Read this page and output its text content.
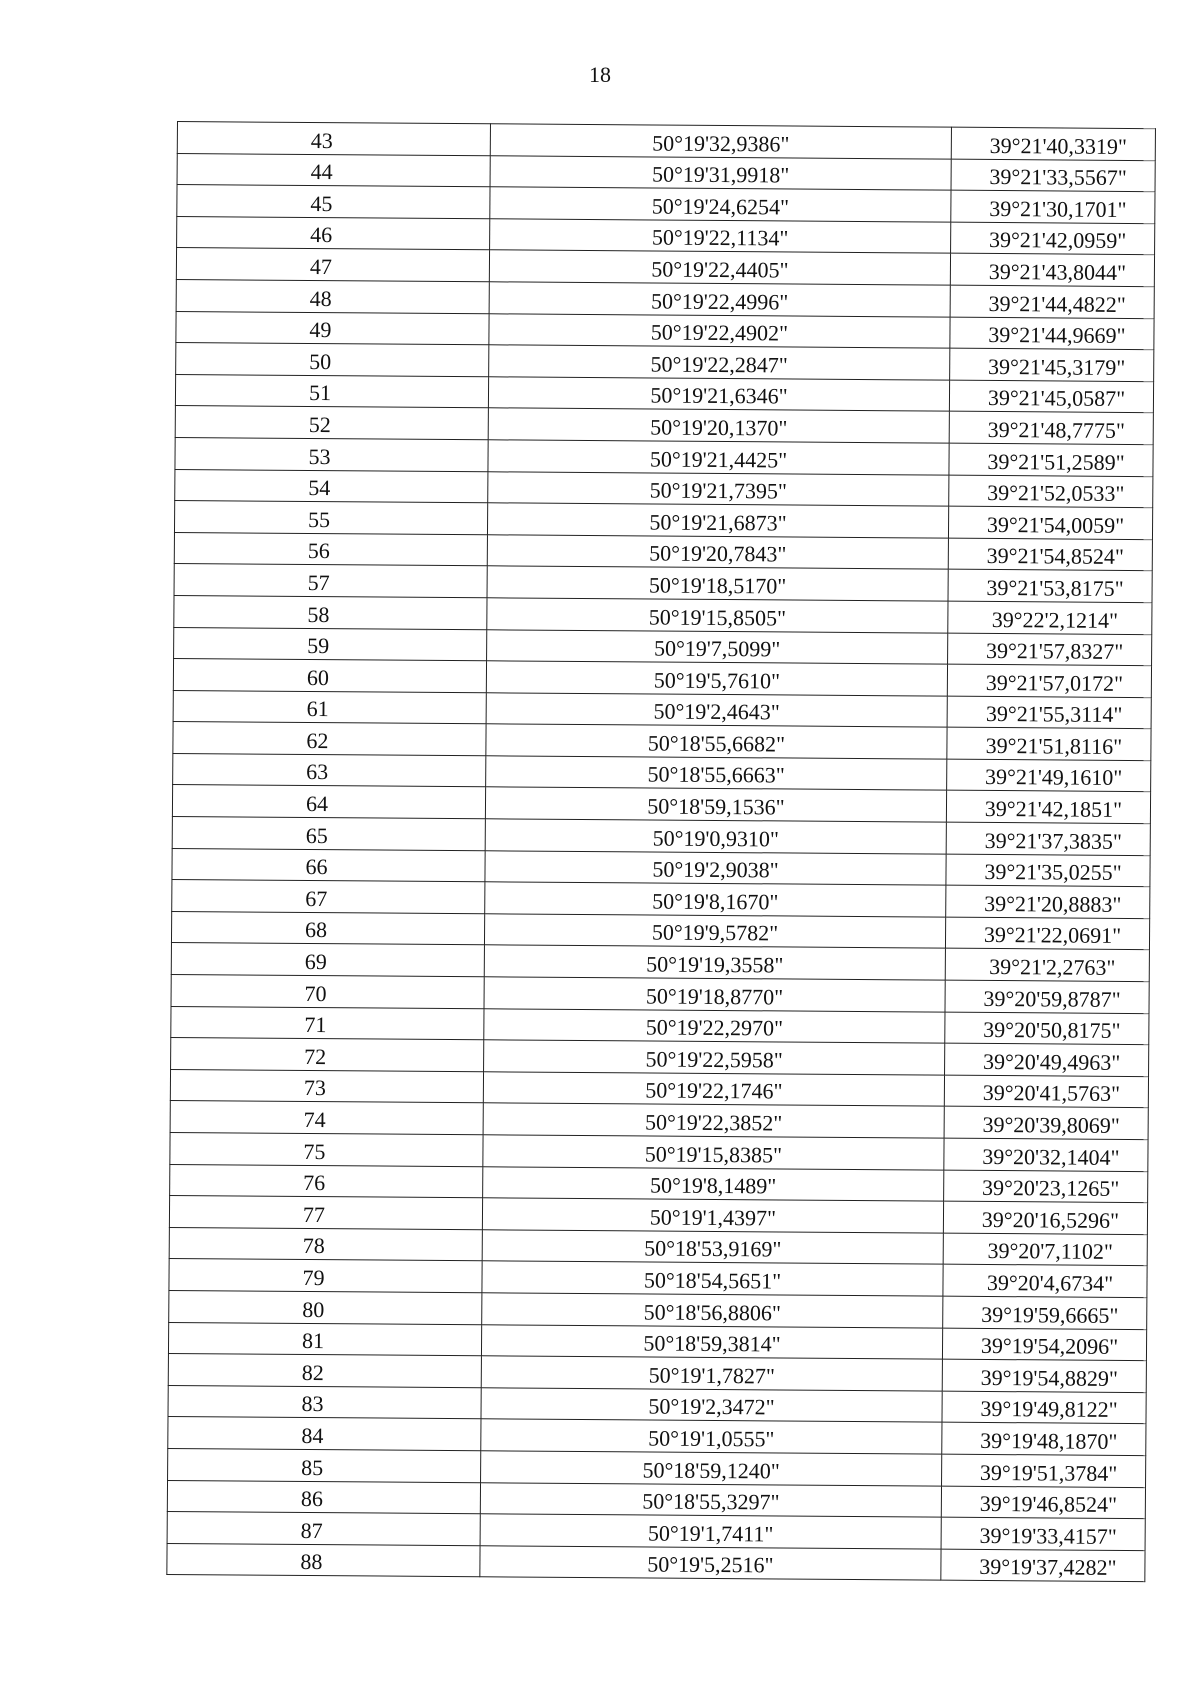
18
43	50°19'32,9386"	39°21'40,3319"
44	50°19'31,9918"	39°21'33,5567"
45	50°19'24,6254"	39°21'30,1701"
46	50°19'22,1134"	39°21'42,0959"
47	50°19'22,4405"	39°21'43,8044"
48	50°19'22,4996"	39°21'44,4822"
49	50°19'22,4902"	39°21'44,9669"
50	50°19'22,2847"	39°21'45,3179"
51	50°19'21,6346"	39°21'45,0587"
52	50°19'20,1370"	39°21'48,7775"
53	50°19'21,4425"	39°21'51,2589"
54	50°19'21,7395"	39°21'52,0533"
55	50°19'21,6873"	39°21'54,0059"
56	50°19'20,7843"	39°21'54,8524"
57	50°19'18,5170"	39°21'53,8175"
58	50°19'15,8505"	39°22'2,1214"
59	50°19'7,5099"	39°21'57,8327"
60	50°19'5,7610"	39°21'57,0172"
61	50°19'2,4643"	39°21'55,3114"
62	50°18'55,6682"	39°21'51,8116"
63	50°18'55,6663"	39°21'49,1610"
64	50°18'59,1536"	39°21'42,1851"
65	50°19'0,9310"	39°21'37,3835"
66	50°19'2,9038"	39°21'35,0255"
67	50°19'8,1670"	39°21'20,8883"
68	50°19'9,5782"	39°21'22,0691"
69	50°19'19,3558"	39°21'2,2763"
70	50°19'18,8770"	39°20'59,8787"
71	50°19'22,2970"	39°20'50,8175"
72	50°19'22,5958"	39°20'49,4963"
73	50°19'22,1746"	39°20'41,5763"
74	50°19'22,3852"	39°20'39,8069"
75	50°19'15,8385"	39°20'32,1404"
76	50°19'8,1489"	39°20'23,1265"
77	50°19'1,4397"	39°20'16,5296"
78	50°18'53,9169"	39°20'7,1102"
79	50°18'54,5651"	39°20'4,6734"
80	50°18'56,8806"	39°19'59,6665"
81	50°18'59,3814"	39°19'54,2096"
82	50°19'1,7827"	39°19'54,8829"
83	50°19'2,3472"	39°19'49,8122"
84	50°19'1,0555"	39°19'48,1870"
85	50°18'59,1240"	39°19'51,3784"
86	50°18'55,3297"	39°19'46,8524"
87	50°19'1,7411"	39°19'33,4157"
88	50°19'5,2516"	39°19'37,4282"
